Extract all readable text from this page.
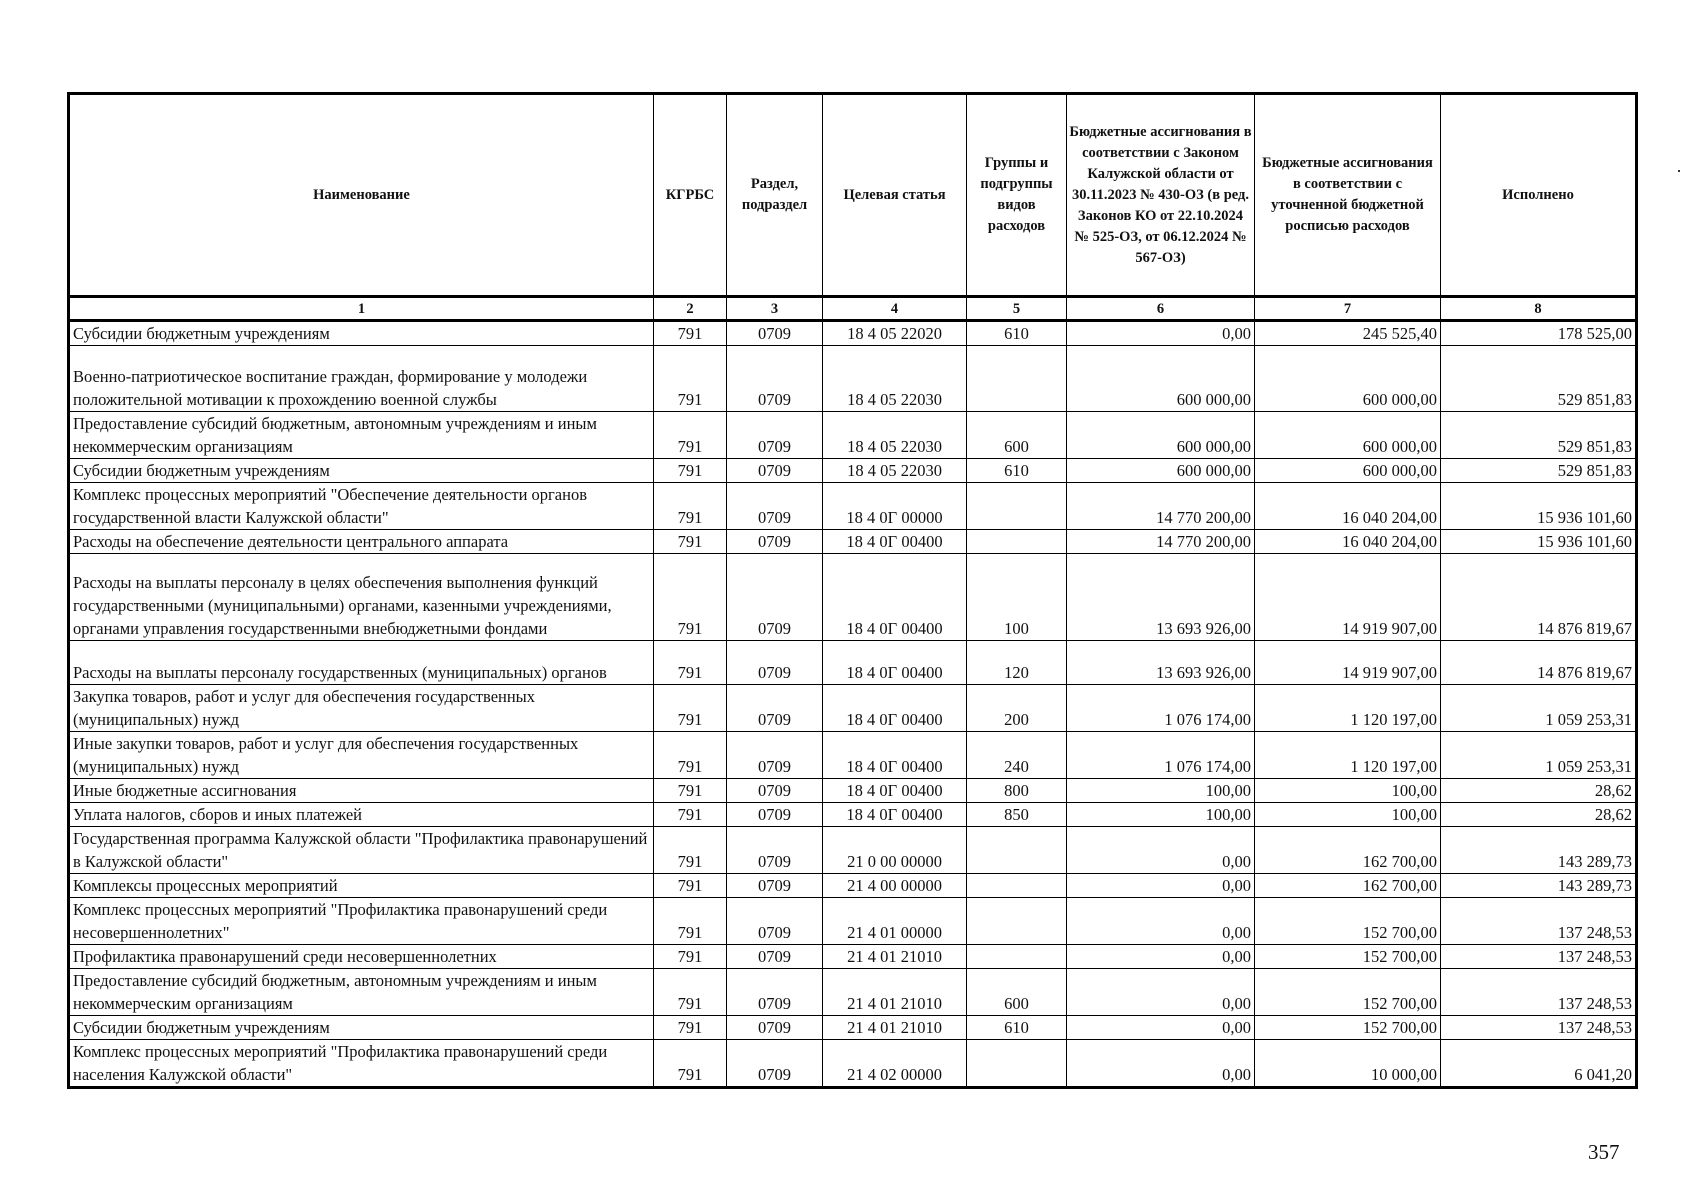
Наименование	КГРБС	Раздел, подраздел	Целевая статья	Группы и подгруппы видов расходов	Бюджетные ассигнования в соответствии с Законом Калужской области от 30.11.2023 № 430-ОЗ (в ред. Законов КО от 22.10.2024 № 525-ОЗ, от 06.12.2024 № 567-ОЗ)	Бюджетные ассигнования в соответствии с уточненной бюджетной росписью расходов	Исполнено
1	2	3	4	5	6	7	8
Субсидии бюджетным учреждениям	791	0709	18 4 05 22020	610	0,00	245 525,40	178 525,00
Военно-патриотическое воспитание граждан, формирование у молодежи положительной мотивации к прохождению военной службы	791	0709	18 4 05 22030		600 000,00	600 000,00	529 851,83
Предоставление субсидий бюджетным, автономным учреждениям и иным некоммерческим организациям	791	0709	18 4 05 22030	600	600 000,00	600 000,00	529 851,83
Субсидии бюджетным учреждениям	791	0709	18 4 05 22030	610	600 000,00	600 000,00	529 851,83
Комплекс процессных мероприятий "Обеспечение деятельности органов государственной власти Калужской области"	791	0709	18 4 0Г 00000		14 770 200,00	16 040 204,00	15 936 101,60
Расходы на обеспечение деятельности центрального аппарата	791	0709	18 4 0Г 00400		14 770 200,00	16 040 204,00	15 936 101,60
Расходы на выплаты персоналу в целях обеспечения выполнения функций государственными (муниципальными) органами, казенными учреждениями, органами управления государственными внебюджетными фондами	791	0709	18 4 0Г 00400	100	13 693 926,00	14 919 907,00	14 876 819,67
Расходы на выплаты персоналу государственных (муниципальных) органов	791	0709	18 4 0Г 00400	120	13 693 926,00	14 919 907,00	14 876 819,67
Закупка товаров, работ и услуг для обеспечения государственных (муниципальных) нужд	791	0709	18 4 0Г 00400	200	1 076 174,00	1 120 197,00	1 059 253,31
Иные закупки товаров, работ и услуг для обеспечения государственных (муниципальных) нужд	791	0709	18 4 0Г 00400	240	1 076 174,00	1 120 197,00	1 059 253,31
Иные бюджетные ассигнования	791	0709	18 4 0Г 00400	800	100,00	100,00	28,62
Уплата налогов, сборов и иных платежей	791	0709	18 4 0Г 00400	850	100,00	100,00	28,62
Государственная программа Калужской области "Профилактика правонарушений в Калужской области"	791	0709	21 0 00 00000		0,00	162 700,00	143 289,73
Комплексы процессных мероприятий	791	0709	21 4 00 00000		0,00	162 700,00	143 289,73
Комплекс процессных мероприятий "Профилактика правонарушений среди несовершеннолетних"	791	0709	21 4 01 00000		0,00	152 700,00	137 248,53
Профилактика правонарушений среди несовершеннолетних	791	0709	21 4 01 21010		0,00	152 700,00	137 248,53
Предоставление субсидий бюджетным, автономным учреждениям и иным некоммерческим организациям	791	0709	21 4 01 21010	600	0,00	152 700,00	137 248,53
Субсидии бюджетным учреждениям	791	0709	21 4 01 21010	610	0,00	152 700,00	137 248,53
Комплекс процессных мероприятий "Профилактика правонарушений среди населения Калужской области"	791	0709	21 4 02 00000		0,00	10 000,00	6 041,20
357
